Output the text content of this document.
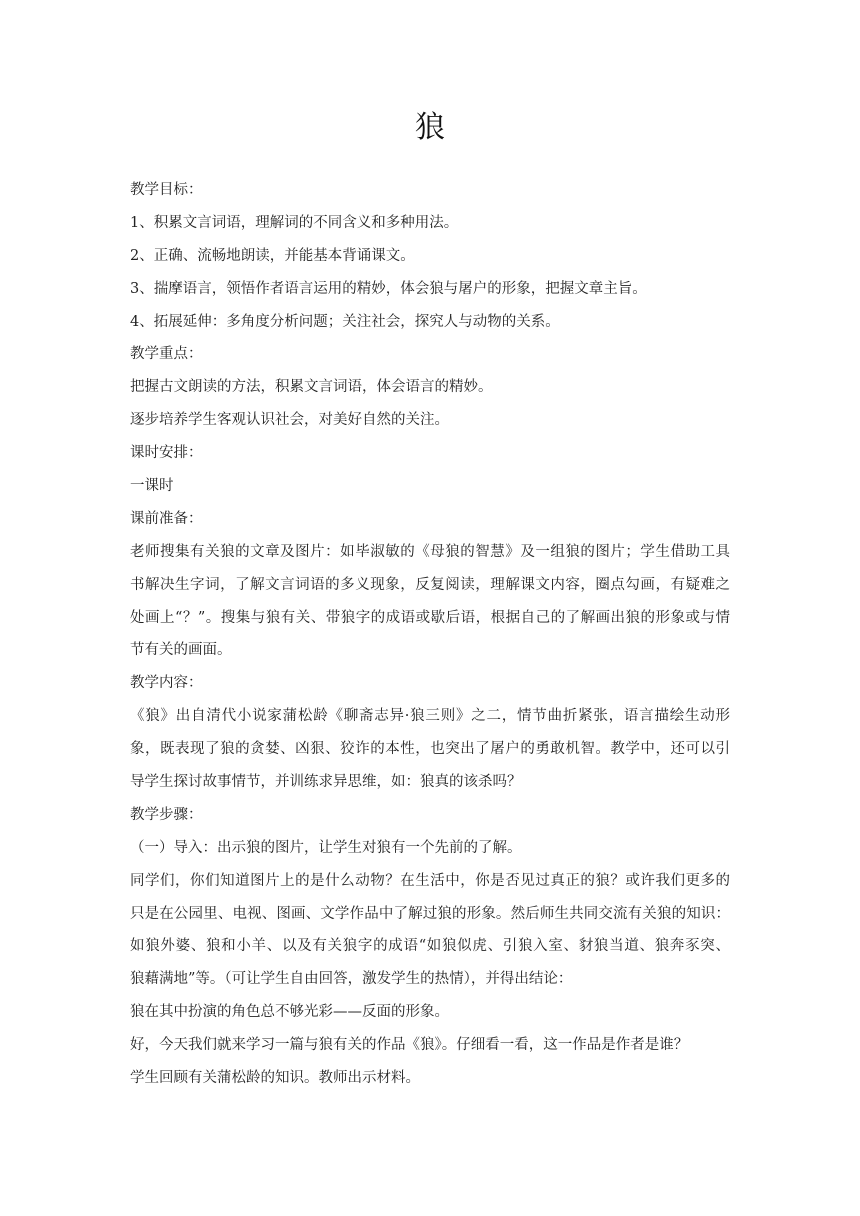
狼

教学目标：

1、积累文言词语，理解词的不同含义和多种用法。

2、正确、流畅地朗读，并能基本背诵课文。

3、揣摩语言，领悟作者语言运用的精妙，体会狼与屠户的形象，把握文章主旨。

4、拓展延伸：多角度分析问题；关注社会，探究人与动物的关系。

教学重点：

把握古文朗读的方法，积累文言词语，体会语言的精妙。

逐步培养学生客观认识社会，对美好自然的关注。

课时安排：

一课时

课前准备：

老师搜集有关狼的文章及图片：如毕淑敏的《母狼的智慧》及一组狼的图片；学生借助工具

书解决生字词，了解文言词语的多义现象，反复阅读，理解课文内容，圈点勾画，有疑难之

处画上“？”。搜集与狼有关、带狼字的成语或歇后语，根据自己的了解画出狼的形象或与情

节有关的画面。

教学内容：

《狼》出自清代小说家蒲松龄《聊斋志异·狼三则》之二，情节曲折紧张，语言描绘生动形

象，既表现了狼的贪婪、凶狠、狡诈的本性，也突出了屠户的勇敢机智。教学中，还可以引

导学生探讨故事情节，并训练求异思维，如：狼真的该杀吗？

教学步骤：

（一）导入：出示狼的图片，让学生对狼有一个先前的了解。

同学们，你们知道图片上的是什么动物？在生活中，你是否见过真正的狼？或许我们更多的

只是在公园里、电视、图画、文学作品中了解过狼的形象。然后师生共同交流有关狼的知识：

如狼外婆、狼和小羊、以及有关狼字的成语“如狼似虎、引狼入室、豺狼当道、狼奔豕突、

狼藉满地”等。（可让学生自由回答，激发学生的热情），并得出结论：

狼在其中扮演的角色总不够光彩——反面的形象。

好，今天我们就来学习一篇与狼有关的作品《狼》。仔细看一看，这一作品是作者是谁？

学生回顾有关蒲松龄的知识。教师出示材料。
